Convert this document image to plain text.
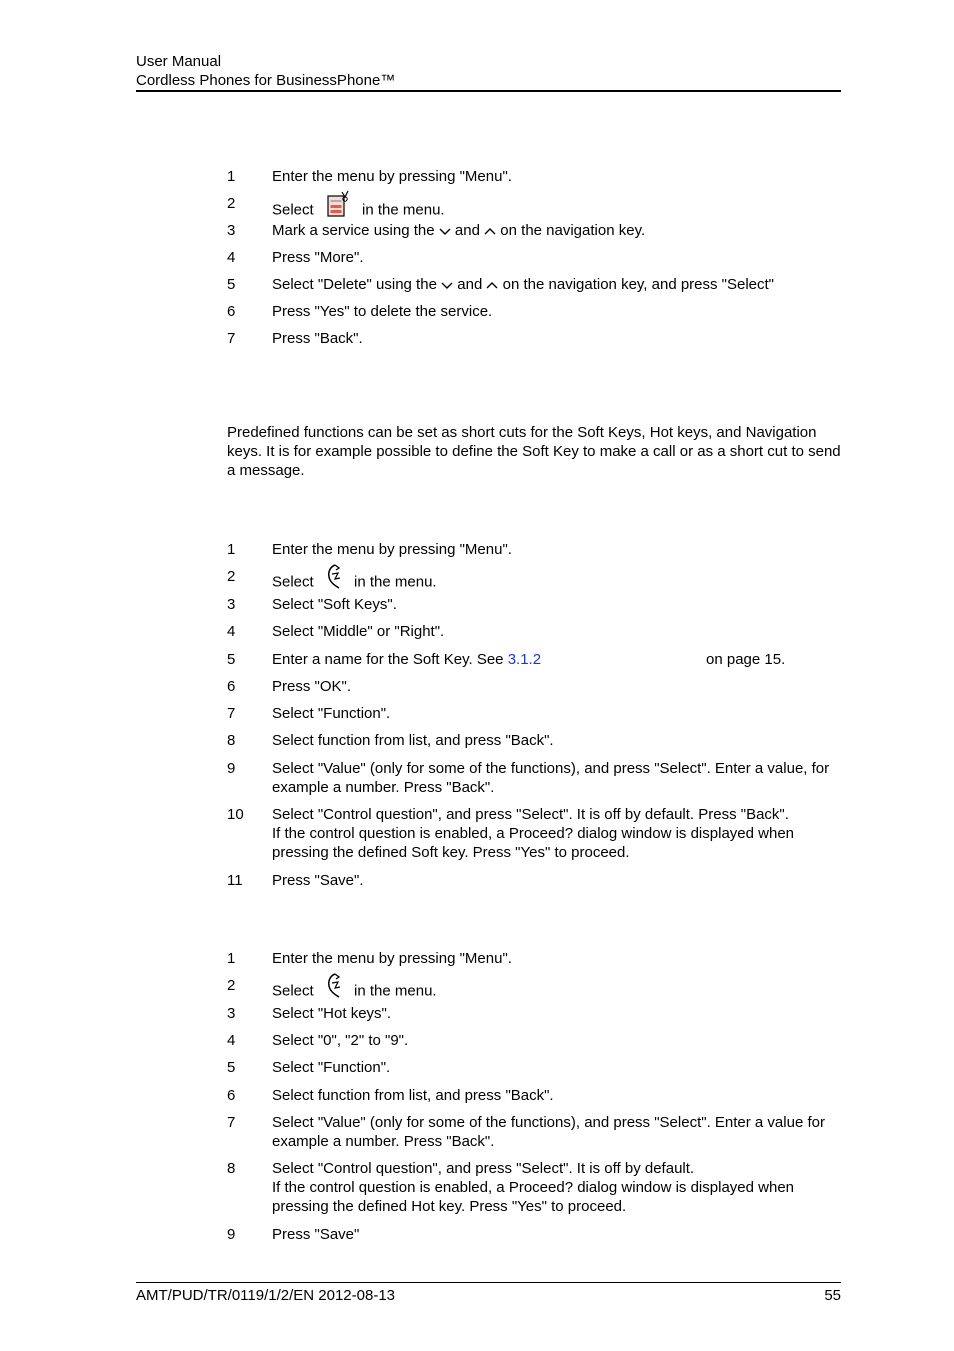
User Manual
Cordless Phones for BusinessPhone™
1	Enter the menu by pressing "Menu".
2	Select	in the menu.
3	Mark a service using the and on the navigation key.
4	Press "More".
5	Select "Delete" using the and on the navigation key, and press "Select"
6	Press "Yes" to delete the service.
7	Press "Back".
Predefined functions can be set as short cuts for the Soft Keys, Hot keys, and Navigation keys. It is for example possible to define the Soft Key to make a call or as a short cut to send a message.
1	Enter the menu by pressing "Menu".
2	Select	in the menu.
3	Select "Soft Keys".
4	Select "Middle" or "Right".
5	Enter a name for the Soft Key. See 3.1.2	on page 15.
6	Press "OK".
7	Select "Function".
8	Select function from list, and press "Back".
9	Select "Value" (only for some of the functions), and press "Select". Enter a value, for example a number. Press "Back".
10	Select "Control question", and press "Select". It is off by default. Press "Back".
If the control question is enabled, a Proceed? dialog window is displayed when pressing the defined Soft key. Press "Yes" to proceed.
11	Press "Save".
1	Enter the menu by pressing "Menu".
2	Select	in the menu.
3	Select "Hot keys".
4	Select "0", "2" to "9".
5	Select "Function".
6	Select function from list, and press "Back".
7	Select "Value" (only for some of the functions), and press "Select". Enter a value for example a number. Press "Back".
8	Select "Control question", and press "Select". It is off by default.
If the control question is enabled, a Proceed? dialog window is displayed when pressing the defined Hot key. Press "Yes" to proceed.
9	Press "Save"
AMT/PUD/TR/0119/1/2/EN 2012-08-13	55
